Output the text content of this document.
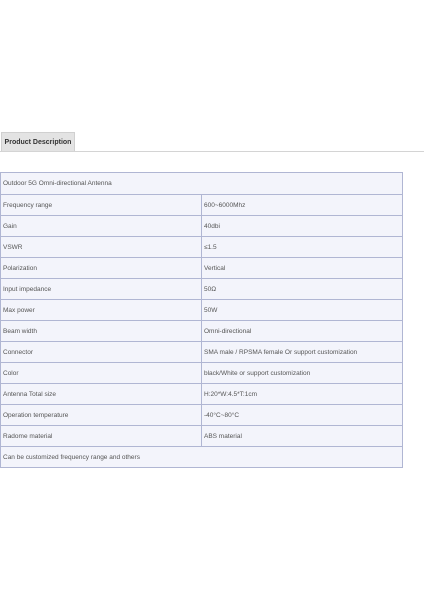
Product Description
Outdoor 5G Omni-directional Antenna	
Frequency range	600~6000Mhz
Gain	40dbi
VSWR	≤1.5
Polarization	Vertical
Input impedance	50Ω
Max power	50W
Beam width	Omni-directional
Connector	SMA male / RPSMA female Or support customization
Color	black/White or support customization
Antenna Total size	H:20*W:4.5*T:1cm
Operation temperature	-40°C~80°C
Radome material	ABS material
Can be customized frequency range and others	
